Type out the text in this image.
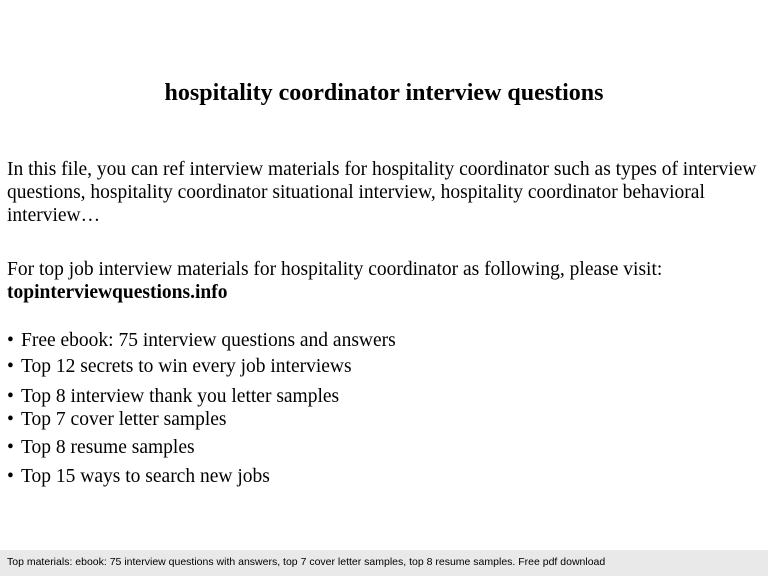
hospitality coordinator interview questions

In this file, you can ref interview materials for hospitality coordinator such as types of interview questions, hospitality coordinator situational interview, hospitality coordinator behavioral interview…

For top job interview materials for hospitality coordinator as following, please visit:
topinterviewquestions.info

• Free ebook: 75 interview questions and answers
• Top 12 secrets to win every job interviews
• Top 8 interview thank you letter samples
• Top 7 cover letter samples
• Top 8 resume samples
• Top 15 ways to search new jobs
Top materials: ebook: 75 interview questions with answers, top 7 cover letter samples, top 8 resume samples. Free pdf download
